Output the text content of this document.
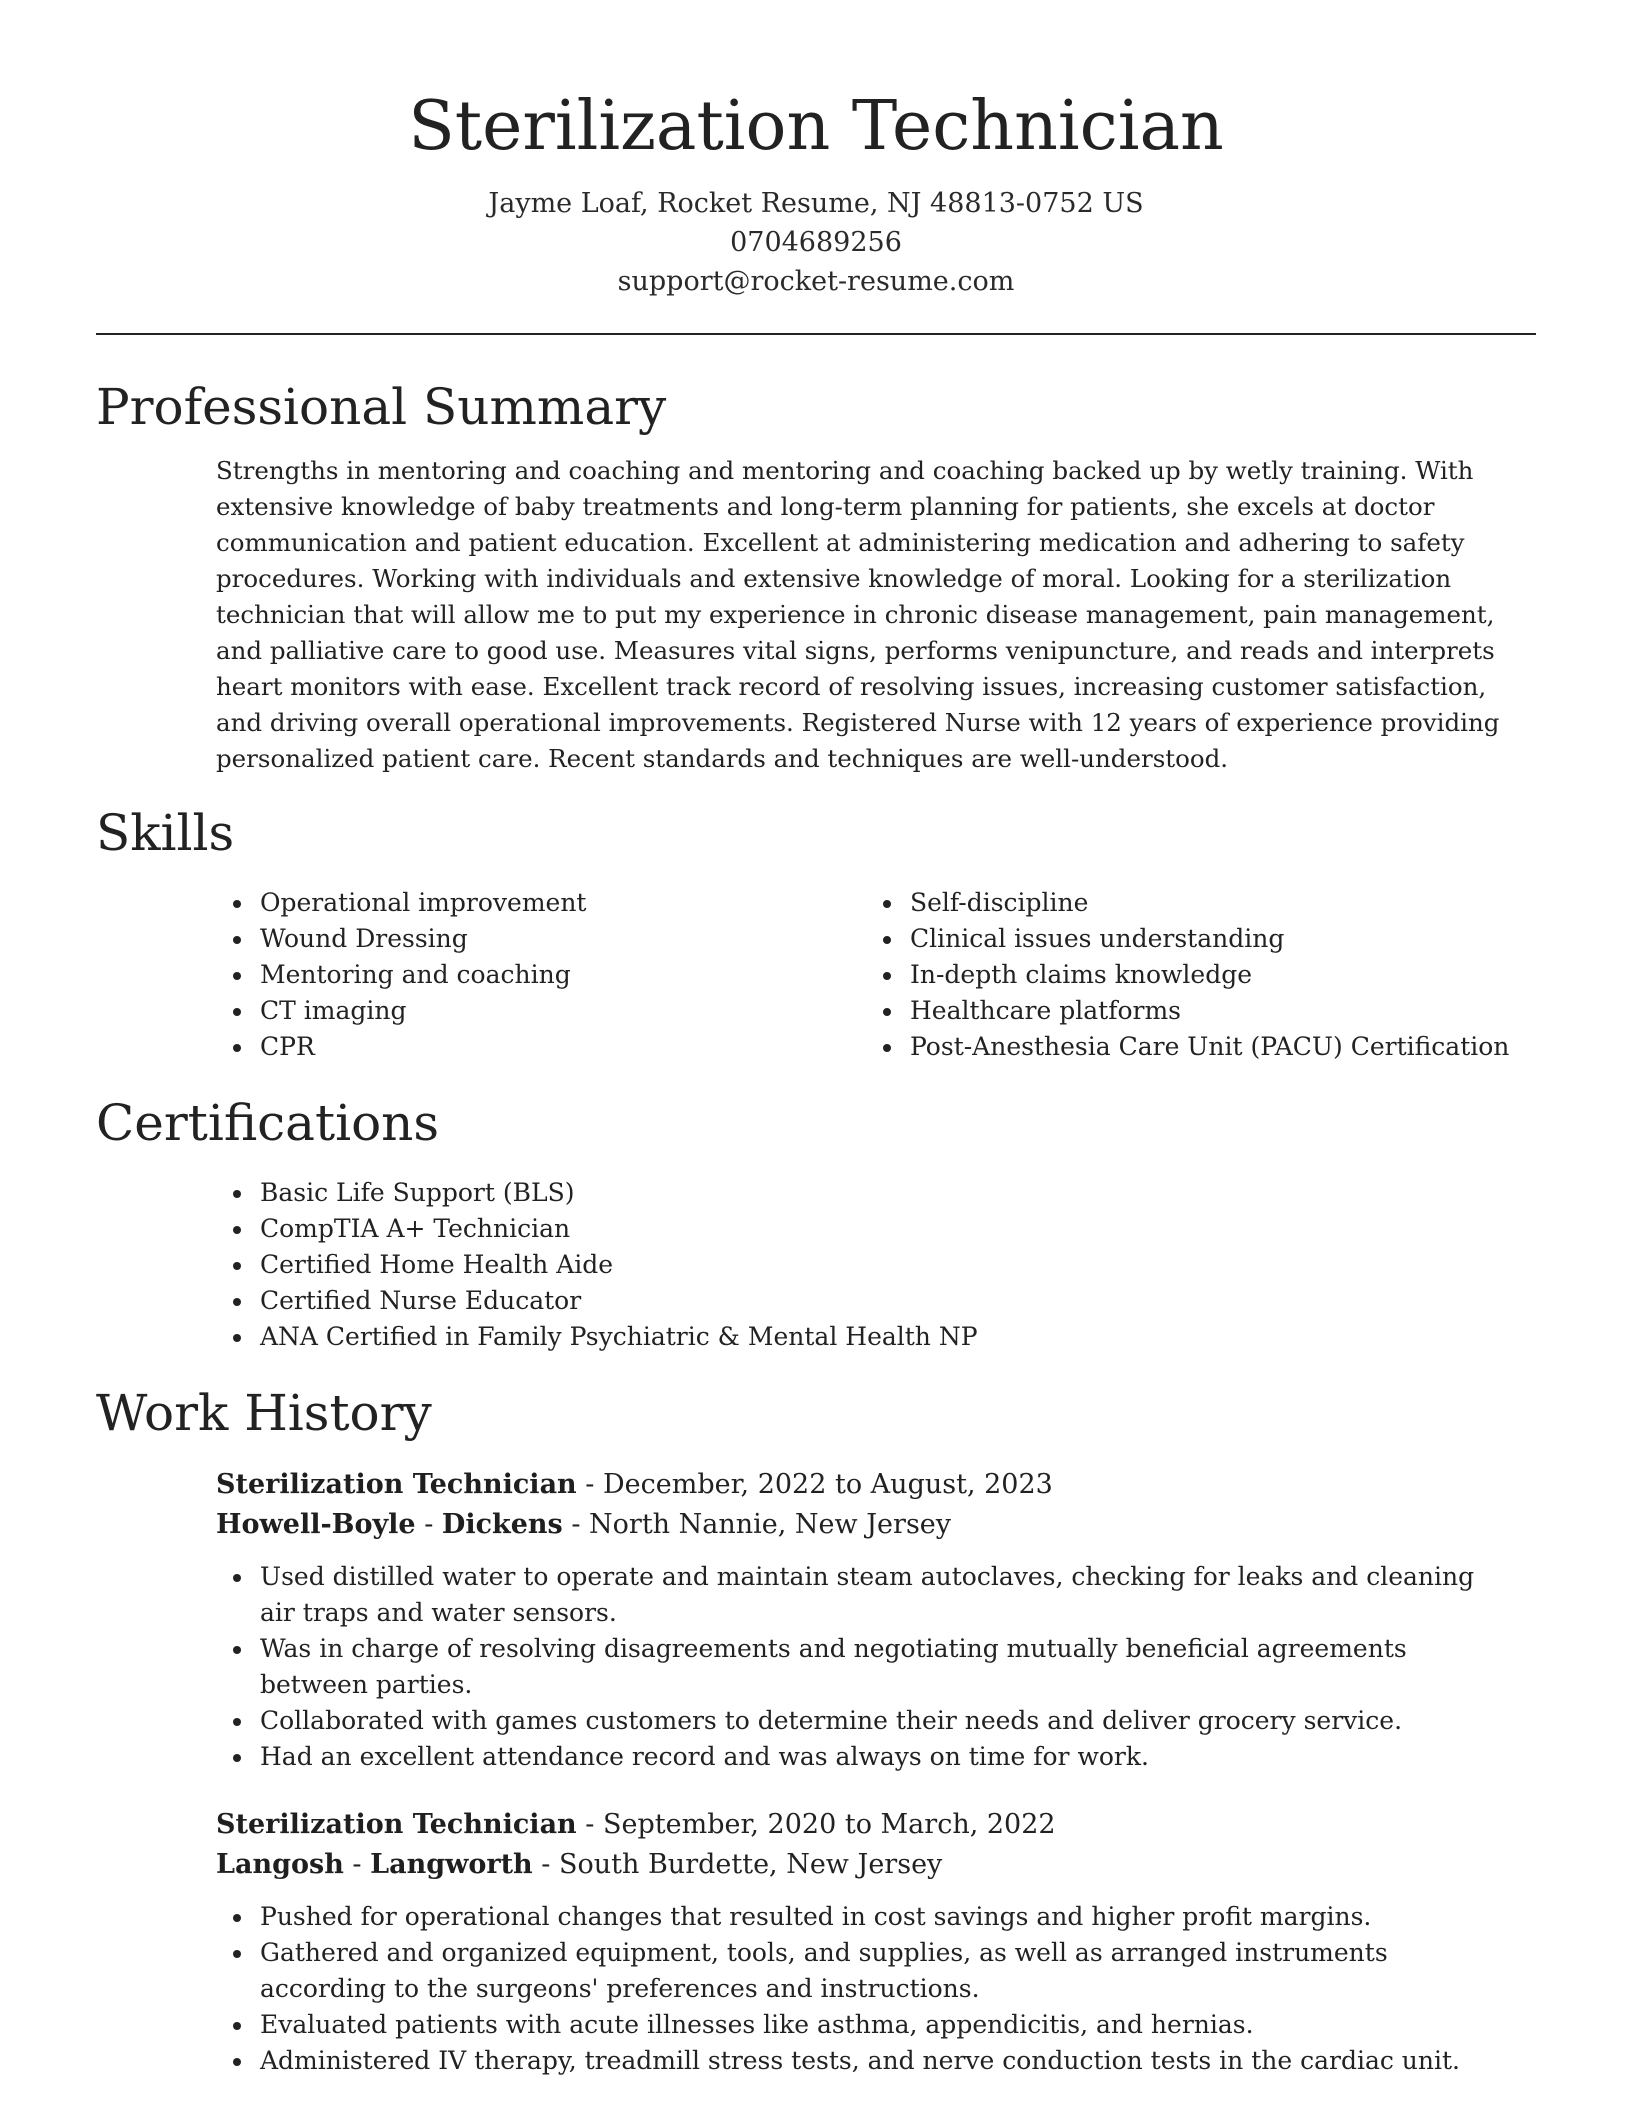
Sterilization Technician
Jayme Loaf, Rocket Resume, NJ 48813-0752 US
0704689256
support@rocket-resume.com
Professional Summary

Strengths in mentoring and coaching and mentoring and coaching backed up by wetly training. With extensive knowledge of baby treatments and long-term planning for patients, she excels at doctor communication and patient education. Excellent at administering medication and adhering to safety procedures. Working with individuals and extensive knowledge of moral. Looking for a sterilization technician that will allow me to put my experience in chronic disease management, pain management, and palliative care to good use. Measures vital signs, performs venipuncture, and reads and interprets heart monitors with ease. Excellent track record of resolving issues, increasing customer satisfaction, and driving overall operational improvements. Registered Nurse with 12 years of experience providing personalized patient care. Recent standards and techniques are well-understood.

Skills
Operational improvement
Wound Dressing
Mentoring and coaching
CT imaging
CPR
Self-discipline
Clinical issues understanding
In-depth claims knowledge
Healthcare platforms
Post-Anesthesia Care Unit (PACU) Certification
Certifications
Basic Life Support (BLS)
CompTIA A+ Technician
Certified Home Health Aide
Certified Nurse Educator
ANA Certified in Family Psychiatric & Mental Health NP
Work History
Sterilization Technician - December, 2022 to August, 2023
Howell-Boyle - Dickens - North Nannie, New Jersey
Used distilled water to operate and maintain steam autoclaves, checking for leaks and cleaning air traps and water sensors.
Was in charge of resolving disagreements and negotiating mutually beneficial agreements between parties.
Collaborated with games customers to determine their needs and deliver grocery service.
Had an excellent attendance record and was always on time for work.
Sterilization Technician - September, 2020 to March, 2022
Langosh - Langworth - South Burdette, New Jersey
Pushed for operational changes that resulted in cost savings and higher profit margins.
Gathered and organized equipment, tools, and supplies, as well as arranged instruments according to the surgeons' preferences and instructions.
Evaluated patients with acute illnesses like asthma, appendicitis, and hernias.
Administered IV therapy, treadmill stress tests, and nerve conduction tests in the cardiac unit.
